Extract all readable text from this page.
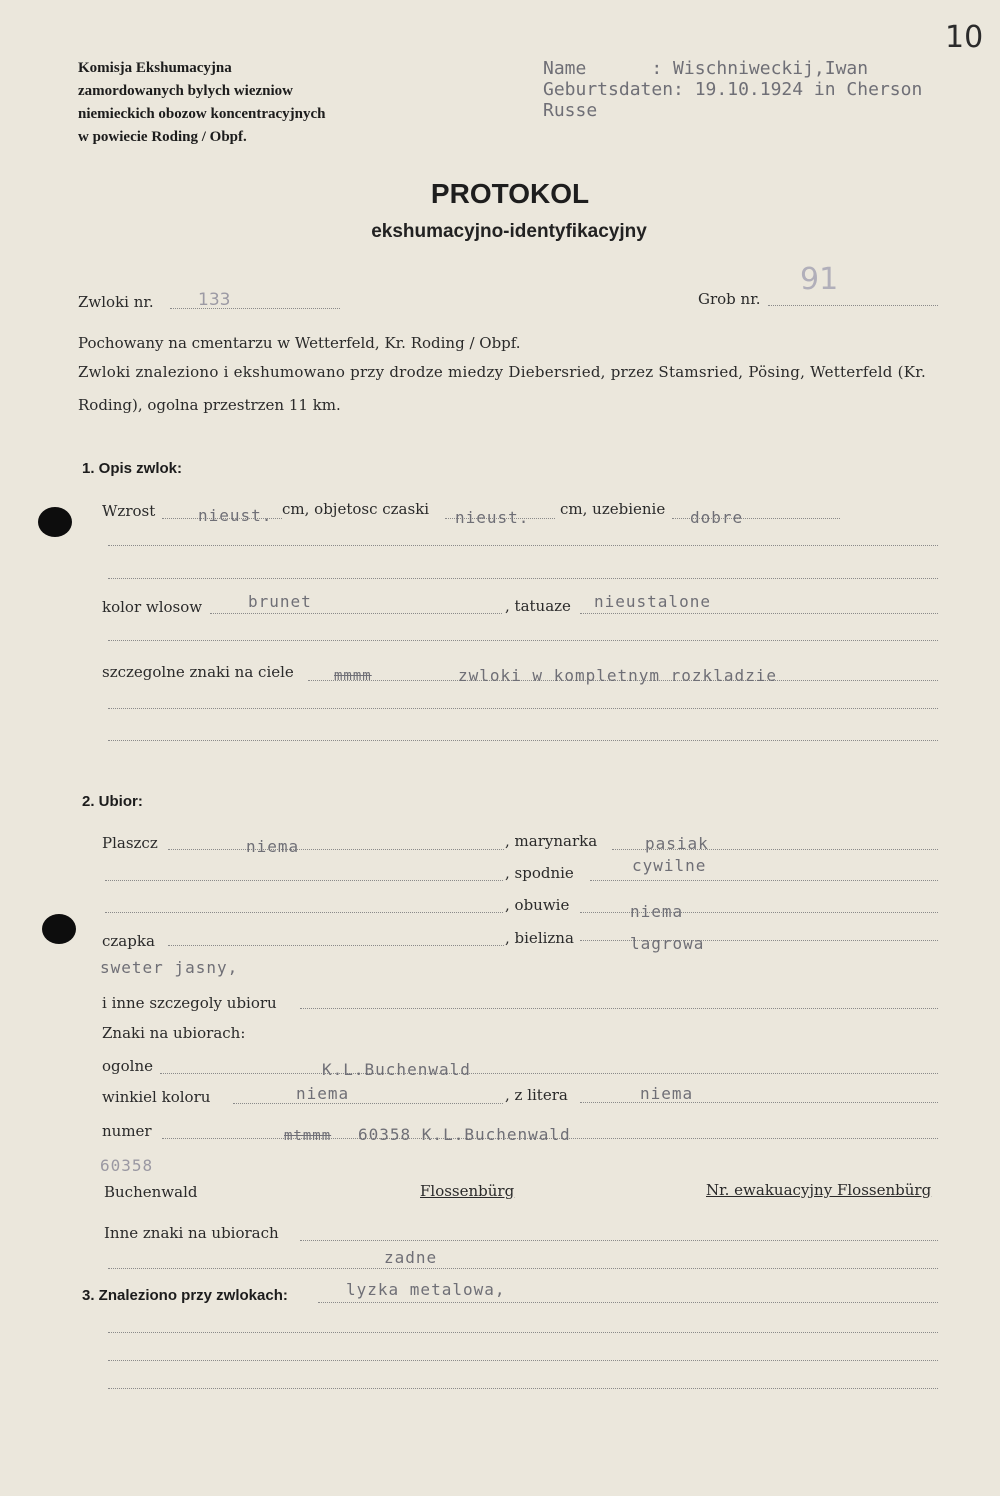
10
Komisja Ekshumacyjna
zamordowanych bylych wiezniow
niemieckich obozow koncentracyjnych
w powiecie Roding / Obpf.
Name      : Wischniweckij,Iwan
Geburtsdaten: 19.10.1924 in Cherson
Russe
PROTOKOL
ekshumacyjno-identyfikacyjny
Zwloki nr.	133	Grob nr.
91
Pochowany na cmentarzu w Wetterfeld, Kr. Roding / Obpf.
Zwloki znaleziono i ekshumowano przy drodze miedzy Diebersried, przez Stamsried, Pösing, Wetterfeld (Kr.
Roding), ogolna przestrzen 11 km.
1. Opis zwlok:
Wzrost	nieust. cm, objetosc czaski nieust. cm, uzebienie dobre
kolor wlosow	brunet	, tatuaze nieustalone
szczegolne znaki na ciele	mmmm	zwloki w kompletnym rozkladzie
2. Ubior:
Plaszcz	niema	, marynarka	pasiak
, spodnie	cywilne
, obuwie	niema
czapka	, bielizna	lagrowa
sweter jasny,
i inne szczegoly ubioru
Znaki na ubiorach:
ogolne	K.L.Buchenwald
winkiel koloru	niema	, z litera	niema
numer	mtmmm 60358 K.L.Buchenwald
60358
Buchenwald	Flossenbürg	Nr. ewakuacyjny Flossenbürg
Inne znaki na ubiorach
zadne
3. Znaleziono przy zwlokach:	lyzka metalowa,
